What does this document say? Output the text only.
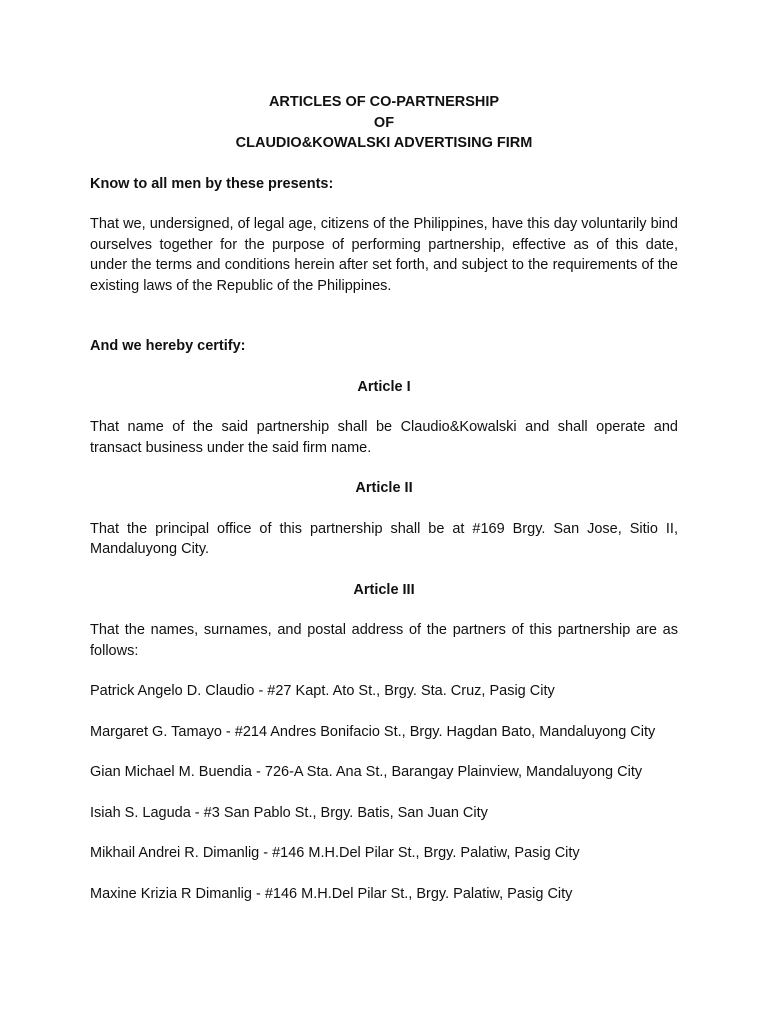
ARTICLES OF CO-PARTNERSHIP
OF
CLAUDIO&KOWALSKI ADVERTISING FIRM

Know to all men by these presents:

That we, undersigned, of legal age, citizens of the Philippines, have this day voluntarily bind ourselves together for the purpose of performing partnership, effective as of this date, under the terms and conditions herein after set forth, and subject to the requirements of the existing laws of the Republic of the Philippines.

And we hereby certify:

Article I

That name of the said partnership shall be Claudio&Kowalski and shall operate and transact business under the said firm name.

Article II

That the principal office of this partnership shall be at #169 Brgy. San Jose, Sitio II, Mandaluyong City.

Article III

That the names, surnames, and postal address of the partners of this partnership are as follows:

Patrick Angelo D. Claudio - #27 Kapt. Ato St., Brgy. Sta. Cruz, Pasig City

Margaret G. Tamayo - #214 Andres Bonifacio St., Brgy. Hagdan Bato, Mandaluyong City

Gian Michael M. Buendia - 726-A Sta. Ana St., Barangay Plainview, Mandaluyong City

Isiah S. Laguda - #3 San Pablo St., Brgy. Batis, San Juan City

Mikhail Andrei R. Dimanlig - #146 M.H.Del Pilar St., Brgy. Palatiw, Pasig City

Maxine Krizia R Dimanlig - #146 M.H.Del Pilar St., Brgy. Palatiw, Pasig City
